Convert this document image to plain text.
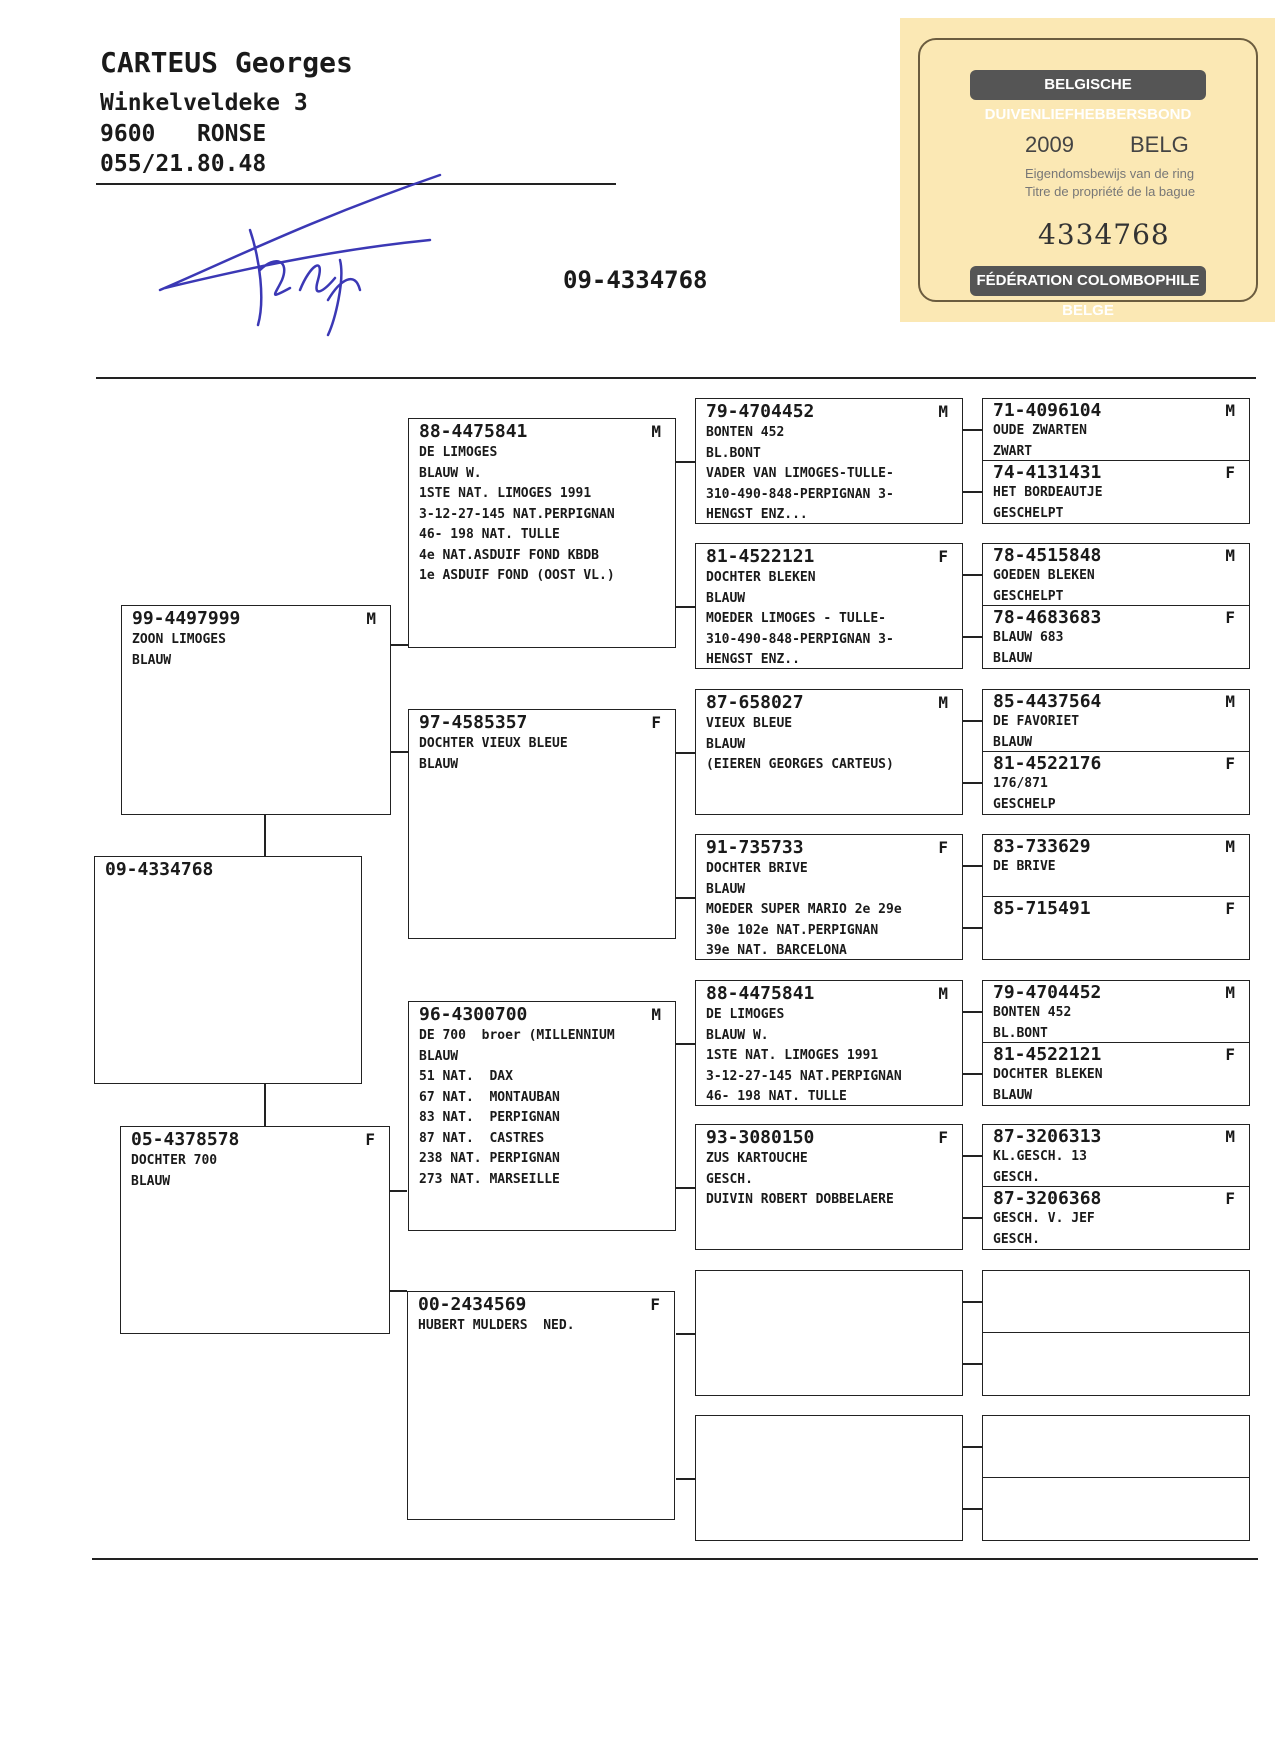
CARTEUS Georges
Winkelveldeke 3
9600 RONSE
055/21.80.48
09-4334768
BELGISCHE DUIVENLIEFHEBBERSBOND
2009	BELG
Eigendomsbewijs van de ring
Titre de propriété de la bague
4334768
FÉDÉRATION COLOMBOPHILE BELGE
09-4334768
99-4497999	M
ZOON LIMOGES
BLAUW
05-4378578	F
DOCHTER 700
BLAUW
88-4475841	M
DE LIMOGES
BLAUW W.
1STE NAT. LIMOGES 1991
3-12-27-145 NAT.PERPIGNAN
46- 198 NAT. TULLE
4e NAT.ASDUIF FOND KBDB
1e ASDUIF FOND (OOST VL.)
97-4585357	F
DOCHTER VIEUX BLEUE
BLAUW
96-4300700	M
DE 700  broer (MILLENNIUM
BLAUW
51 NAT.  DAX
67 NAT.  MONTAUBAN
83 NAT.  PERPIGNAN
87 NAT.  CASTRES
238 NAT. PERPIGNAN
273 NAT. MARSEILLE
00-2434569	F
HUBERT MULDERS  NED.
79-4704452	M
BONTEN 452
BL.BONT
VADER VAN LIMOGES-TULLE-
310-490-848-PERPIGNAN 3-
HENGST ENZ...
81-4522121	F
DOCHTER BLEKEN
BLAUW
MOEDER LIMOGES - TULLE-
310-490-848-PERPIGNAN 3-
HENGST ENZ..
87-658027	M
VIEUX BLEUE
BLAUW
(EIEREN GEORGES CARTEUS)
91-735733	F
DOCHTER BRIVE
BLAUW
MOEDER SUPER MARIO 2e 29e
30e 102e NAT.PERPIGNAN
39e NAT. BARCELONA
88-4475841	M
DE LIMOGES
BLAUW W.
1STE NAT. LIMOGES 1991
3-12-27-145 NAT.PERPIGNAN
46- 198 NAT. TULLE
93-3080150	F
ZUS KARTOUCHE
GESCH.
DUIVIN ROBERT DOBBELAERE
71-4096104	M
OUDE ZWARTEN
ZWART
74-4131431	F
HET BORDEAUTJE
GESCHELPT
78-4515848	M
GOEDEN BLEKEN
GESCHELPT
78-4683683	F
BLAUW 683
BLAUW
85-4437564	M
DE FAVORIET
BLAUW
81-4522176	F
176/871
GESCHELP
83-733629	M
DE BRIVE
85-715491	F
79-4704452	M
BONTEN 452
BL.BONT
81-4522121	F
DOCHTER BLEKEN
BLAUW
87-3206313	M
KL.GESCH. 13
GESCH.
87-3206368	F
GESCH. V. JEF
GESCH.
